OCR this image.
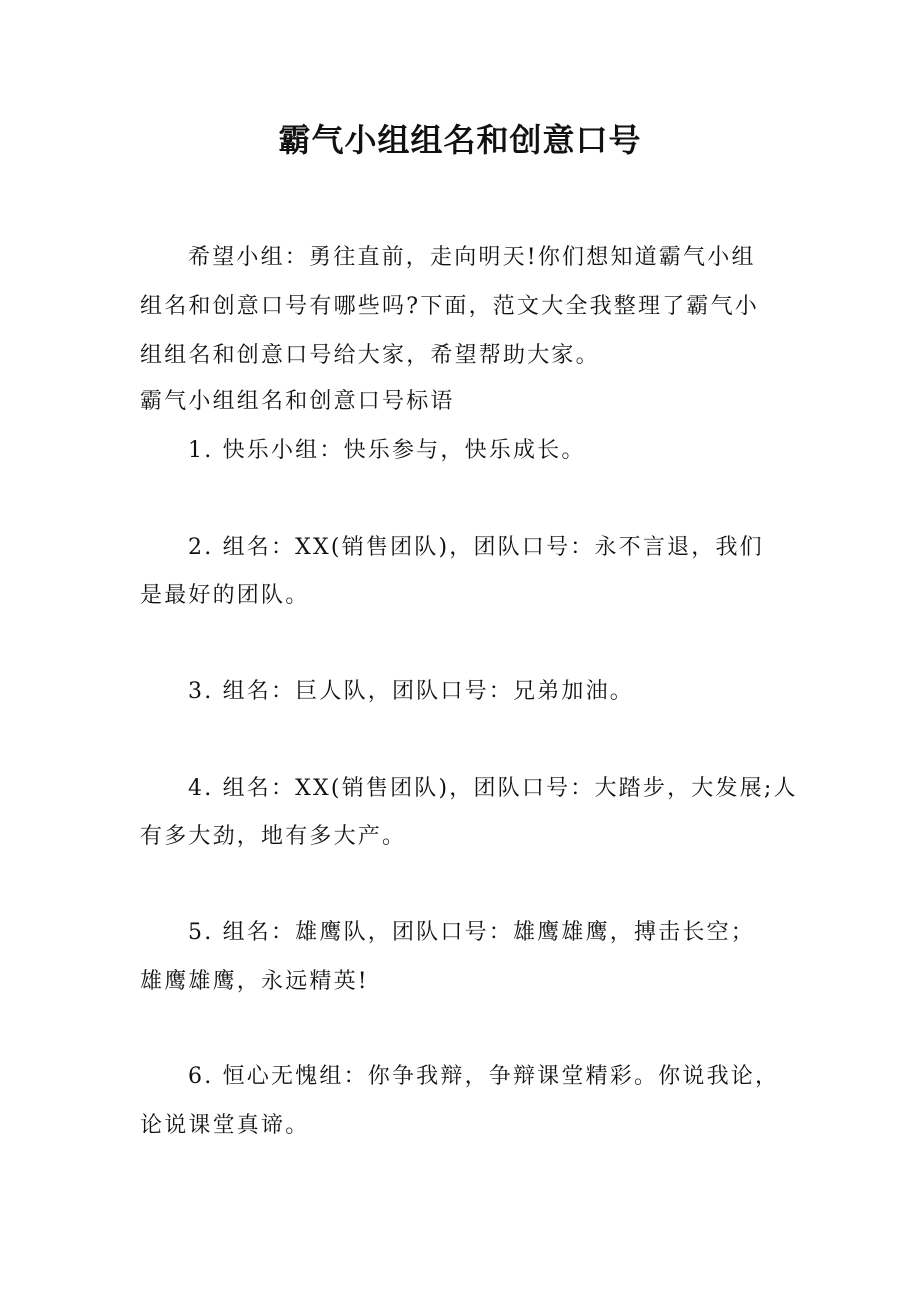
霸气小组组名和创意口号
希望小组：勇往直前，走向明天!你们想知道霸气小组
组名和创意口号有哪些吗?下面，范文大全我整理了霸气小
组组名和创意口号给大家，希望帮助大家。
霸气小组组名和创意口号标语
1. 快乐小组：快乐参与，快乐成长。
2. 组名：XX(销售团队)，团队口号：永不言退，我们
是最好的团队。
3. 组名：巨人队，团队口号：兄弟加油。
4. 组名：XX(销售团队)，团队口号：大踏步，大发展;人
有多大劲，地有多大产。
5. 组名：雄鹰队，团队口号：雄鹰雄鹰，搏击长空；
雄鹰雄鹰，永远精英!
6. 恒心无愧组：你争我辩，争辩课堂精彩。你说我论，
论说课堂真谛。
